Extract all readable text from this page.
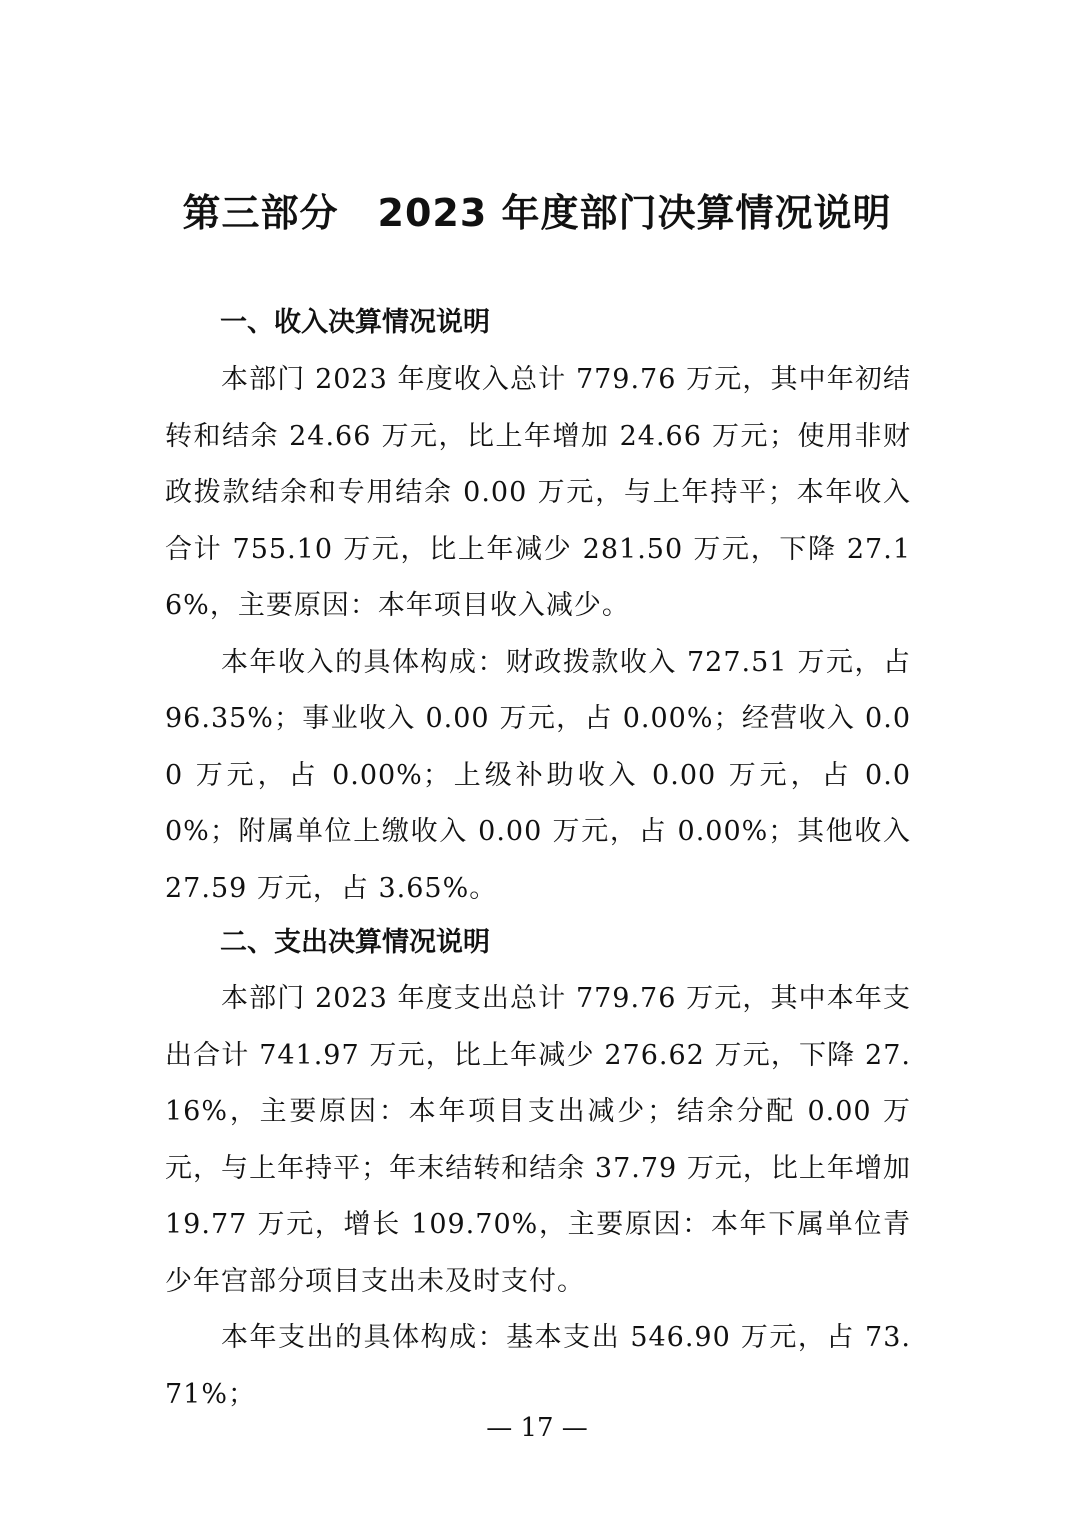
第三部分　2023 年度部门决算情况说明
一、收入决算情况说明

本部门 2023 年度收入总计 779.76 万元，其中年初结转和结余 24.66 万元，比上年增加 24.66 万元；使用非财政拨款结余和专用结余 0.00 万元，与上年持平；本年收入合计 755.10 万元，比上年减少 281.50 万元，下降 27.16%，主要原因：本年项目收入减少。

本年收入的具体构成：财政拨款收入 727.51 万元，占 96.35%；事业收入 0.00 万元，占 0.00%；经营收入 0.00 万元，占 0.00%；上级补助收入 0.00 万元，占 0.00%；附属单位上缴收入 0.00 万元，占 0.00%；其他收入 27.59 万元，占 3.65%。

二、支出决算情况说明

本部门 2023 年度支出总计 779.76 万元，其中本年支出合计 741.97 万元，比上年减少 276.62 万元，下降 27.16%，主要原因：本年项目支出减少；结余分配 0.00 万元，与上年持平；年末结转和结余 37.79 万元，比上年增加 19.77 万元，增长 109.70%，主要原因：本年下属单位青少年宫部分项目支出未及时支付。

本年支出的具体构成：基本支出 546.90 万元，占 73.71%；

— 17 —
